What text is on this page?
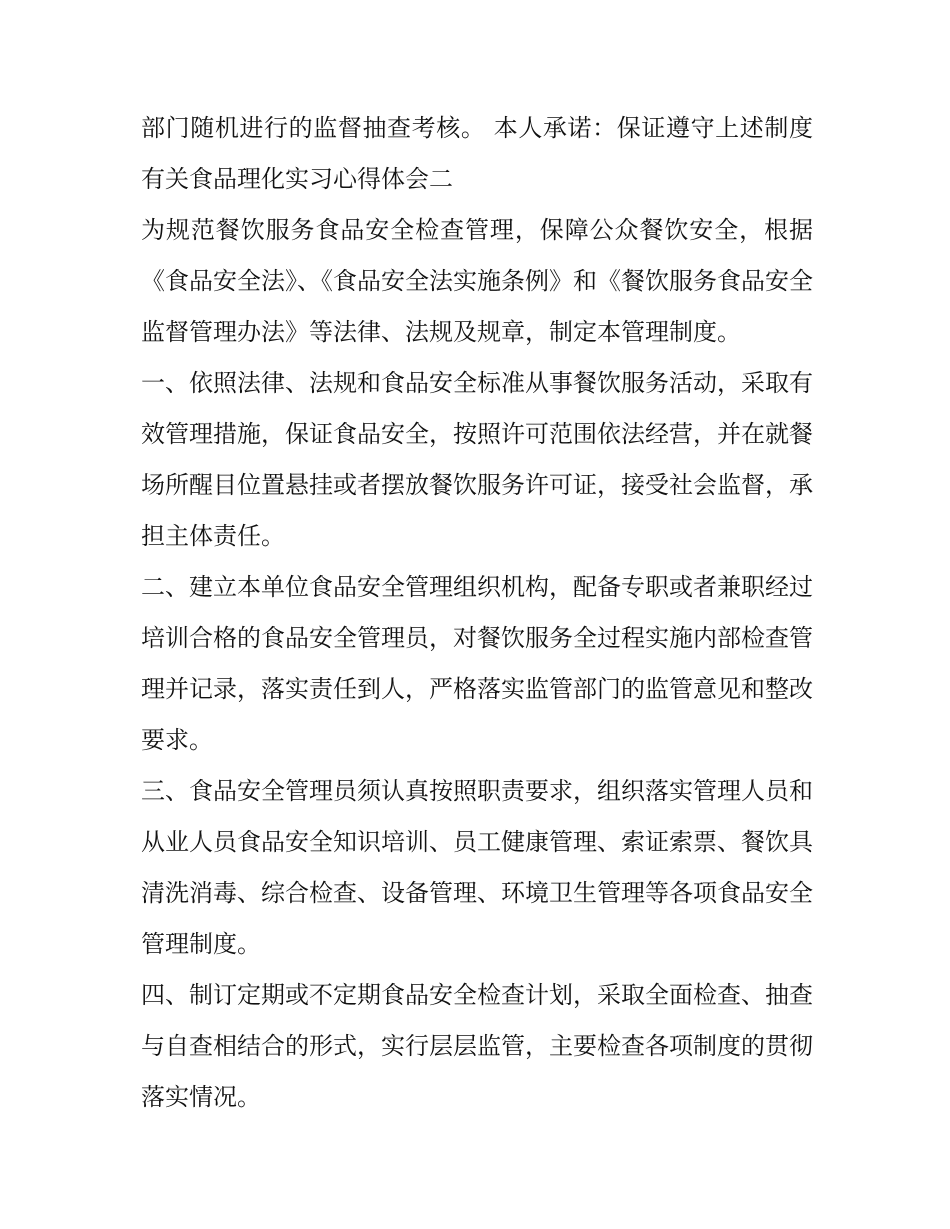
部门随机进行的监督抽查考核。 本人承诺：保证遵守上述制度 有关食品理化实习心得体会二

为规范餐饮服务食品安全检查管理，保障公众餐饮安全，根据《食品安全法》、《食品安全法实施条例》和《餐饮服务食品安全监督管理办法》等法律、法规及规章，制定本管理制度。

一、依照法律、法规和食品安全标准从事餐饮服务活动，采取有效管理措施，保证食品安全，按照许可范围依法经营，并在就餐场所醒目位置悬挂或者摆放餐饮服务许可证，接受社会监督，承担主体责任。

二、建立本单位食品安全管理组织机构，配备专职或者兼职经过培训合格的食品安全管理员，对餐饮服务全过程实施内部检查管理并记录，落实责任到人，严格落实监管部门的监管意见和整改要求。

三、食品安全管理员须认真按照职责要求，组织落实管理人员和从业人员食品安全知识培训、员工健康管理、索证索票、餐饮具清洗消毒、综合检查、设备管理、环境卫生管理等各项食品安全管理制度。

四、制订定期或不定期食品安全检查计划，采取全面检查、抽查与自查相结合的形式，实行层层监管，主要检查各项制度的贯彻落实情况。
